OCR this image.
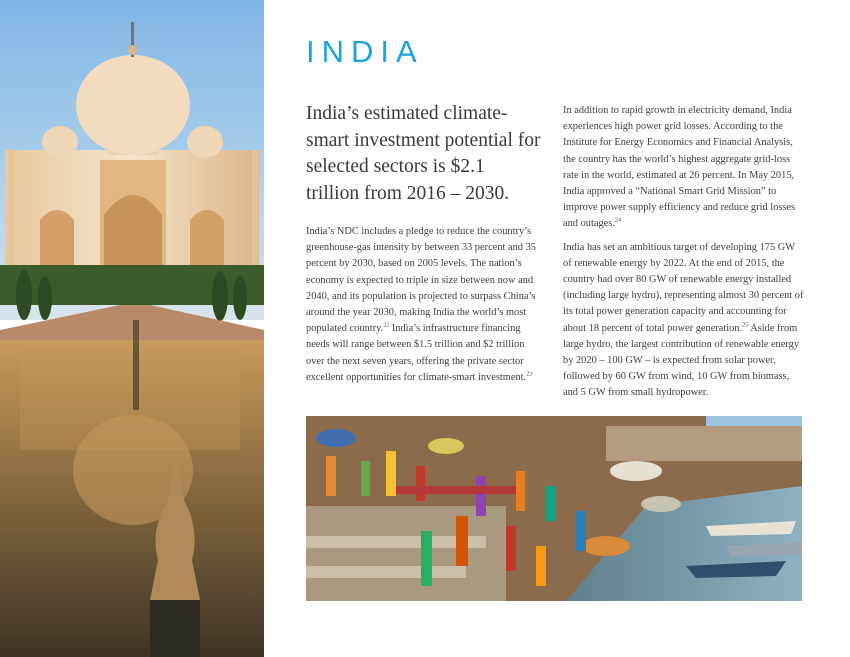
INDIA

India’s estimated climate-smart investment potential for selected sectors is $2.1 trillion from 2016 – 2030.

India’s NDC includes a pledge to reduce the country’s greenhouse-gas intensity by between 33 percent and 35 percent by 2030, based on 2005 levels. The nation’s economy is expected to triple in size between now and 2040, and its population is projected to surpass China’s around the year 2030, making India the world’s most populated country.$^{22}$ India’s infrastructure financing needs will range between $1.5 trillion and $2 trillion over the next seven years, offering the private sector excellent opportunities for climate-smart investment.$^{23}$

In addition to rapid growth in electricity demand, India experiences high power grid losses. According to the Institute for Energy Economics and Financial Analysis, the country has the world’s highest aggregate grid-loss rate in the world, estimated at 26 percent. In May 2015, India approved a “National Smart Grid Mission” to improve power supply efficiency and reduce grid losses and outages.$^{24}$

India has set an ambitious target of developing 175 GW of renewable energy by 2022. At the end of 2015, the country had over 80 GW of renewable energy installed (including large hydro), representing almost 30 percent of its total power generation capacity and accounting for about 18 percent of total power generation.$^{25}$ Aside from large hydro, the largest contribution of renewable energy by 2020 – 100 GW – is expected from solar power, followed by 60 GW from wind, 10 GW from biomass, and 5 GW from small hydropower.
